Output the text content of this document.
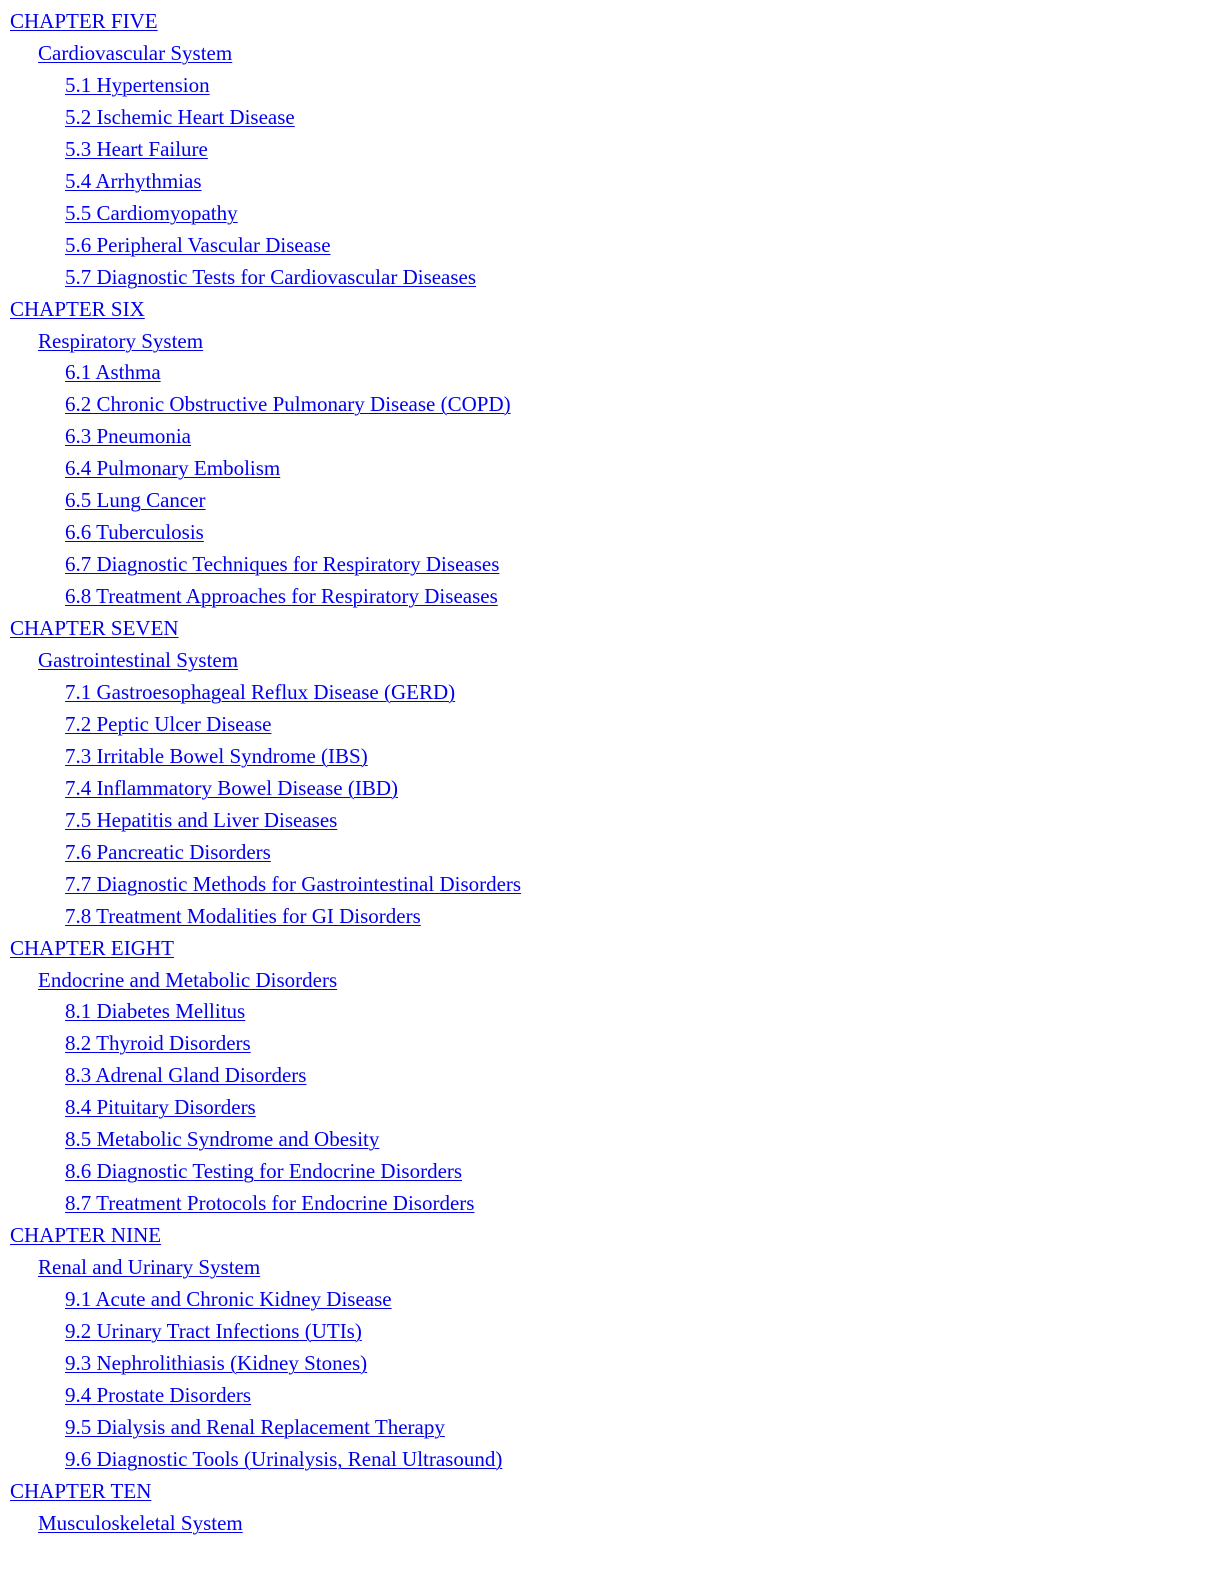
CHAPTER FIVE
Cardiovascular System
5.1 Hypertension
5.2 Ischemic Heart Disease
5.3 Heart Failure
5.4 Arrhythmias
5.5 Cardiomyopathy
5.6 Peripheral Vascular Disease
5.7 Diagnostic Tests for Cardiovascular Diseases
CHAPTER SIX
Respiratory System
6.1 Asthma
6.2 Chronic Obstructive Pulmonary Disease (COPD)
6.3 Pneumonia
6.4 Pulmonary Embolism
6.5 Lung Cancer
6.6 Tuberculosis
6.7 Diagnostic Techniques for Respiratory Diseases
6.8 Treatment Approaches for Respiratory Diseases
CHAPTER SEVEN
Gastrointestinal System
7.1 Gastroesophageal Reflux Disease (GERD)
7.2 Peptic Ulcer Disease
7.3 Irritable Bowel Syndrome (IBS)
7.4 Inflammatory Bowel Disease (IBD)
7.5 Hepatitis and Liver Diseases
7.6 Pancreatic Disorders
7.7 Diagnostic Methods for Gastrointestinal Disorders
7.8 Treatment Modalities for GI Disorders
CHAPTER EIGHT
Endocrine and Metabolic Disorders
8.1 Diabetes Mellitus
8.2 Thyroid Disorders
8.3 Adrenal Gland Disorders
8.4 Pituitary Disorders
8.5 Metabolic Syndrome and Obesity
8.6 Diagnostic Testing for Endocrine Disorders
8.7 Treatment Protocols for Endocrine Disorders
CHAPTER NINE
Renal and Urinary System
9.1 Acute and Chronic Kidney Disease
9.2 Urinary Tract Infections (UTIs)
9.3 Nephrolithiasis (Kidney Stones)
9.4 Prostate Disorders
9.5 Dialysis and Renal Replacement Therapy
9.6 Diagnostic Tools (Urinalysis, Renal Ultrasound)
CHAPTER TEN
Musculoskeletal System
